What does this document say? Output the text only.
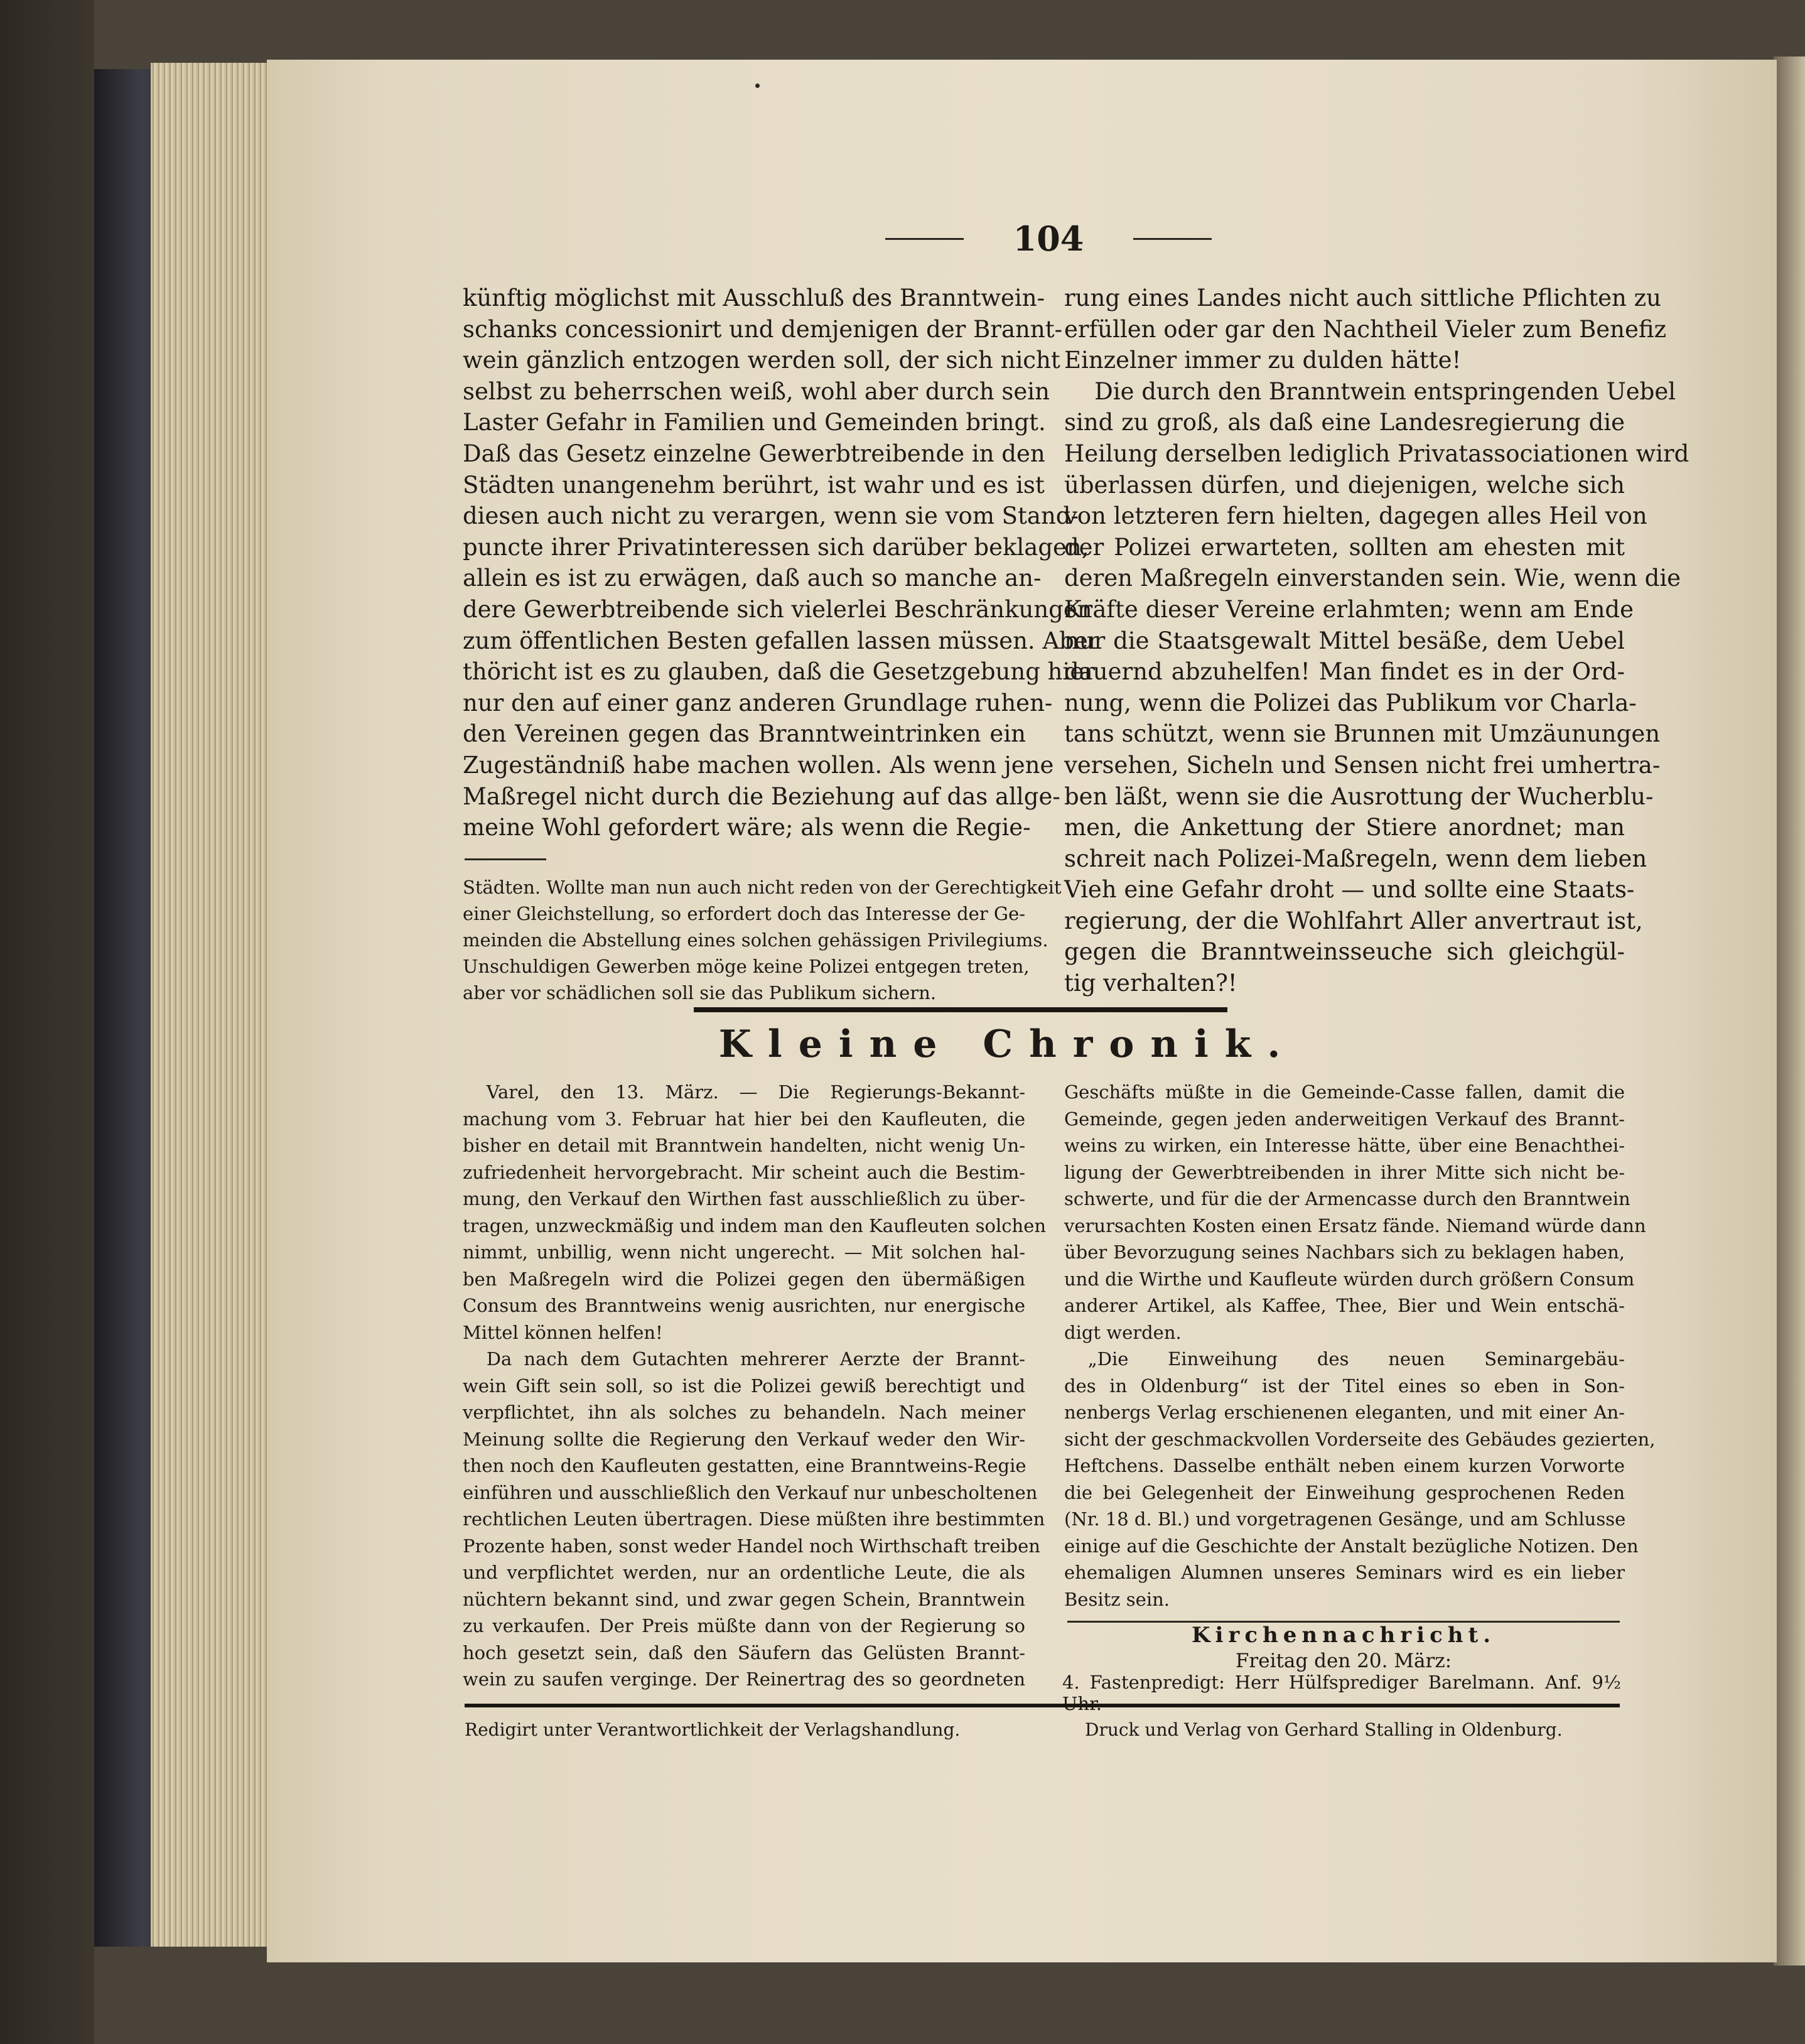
104
künftig möglichst mit Ausschluß des Branntwein-
schanks concessionirt und demjenigen der Brannt-
wein gänzlich entzogen werden soll, der sich nicht
selbst zu beherrschen weiß, wohl aber durch sein
Laster Gefahr in Familien und Gemeinden bringt.
Daß das Gesetz einzelne Gewerbtreibende in den
Städten unangenehm berührt, ist wahr und es ist
diesen auch nicht zu verargen, wenn sie vom Stand-
puncte ihrer Privatinteressen sich darüber beklagen,
allein es ist zu erwägen, daß auch so manche an-
dere Gewerbtreibende sich vielerlei Beschränkungen
zum öffentlichen Besten gefallen lassen müssen. Aber
thöricht ist es zu glauben, daß die Gesetzgebung hier
nur den auf einer ganz anderen Grundlage ruhen-
den Vereinen gegen das Branntweintrinken ein
Zugeständniß habe machen wollen. Als wenn jene
Maßregel nicht durch die Beziehung auf das allge-
meine Wohl gefordert wäre; als wenn die Regie-
rung eines Landes nicht auch sittliche Pflichten zu
erfüllen oder gar den Nachtheil Vieler zum Benefiz
Einzelner immer zu dulden hätte!
Die durch den Branntwein entspringenden Uebel
sind zu groß, als daß eine Landesregierung die
Heilung derselben lediglich Privatassociationen wird
überlassen dürfen, und diejenigen, welche sich
von letzteren fern hielten, dagegen alles Heil von
der Polizei erwarteten, sollten am ehesten mit
deren Maßregeln einverstanden sein. Wie, wenn die
Kräfte dieser Vereine erlahmten; wenn am Ende
nur die Staatsgewalt Mittel besäße, dem Uebel
dauernd abzuhelfen! Man findet es in der Ord-
nung, wenn die Polizei das Publikum vor Charla-
tans schützt, wenn sie Brunnen mit Umzäunungen
versehen, Sicheln und Sensen nicht frei umhertra-
ben läßt, wenn sie die Ausrottung der Wucherblu-
men, die Ankettung der Stiere anordnet; man
schreit nach Polizei-Maßregeln, wenn dem lieben
Vieh eine Gefahr droht — und sollte eine Staats-
regierung, der die Wohlfahrt Aller anvertraut ist,
gegen die Branntweinsseuche sich gleichgül-
tig verhalten?!
Städten. Wollte man nun auch nicht reden von der Gerechtigkeit
einer Gleichstellung, so erfordert doch das Interesse der Ge-
meinden die Abstellung eines solchen gehässigen Privilegiums.
Unschuldigen Gewerben möge keine Polizei entgegen treten,
aber vor schädlichen soll sie das Publikum sichern.
Kleine Chronik.
Varel, den 13. März. — Die Regierungs-Bekannt-
machung vom 3. Februar hat hier bei den Kaufleuten, die
bisher en detail mit Branntwein handelten, nicht wenig Un-
zufriedenheit hervorgebracht. Mir scheint auch die Bestim-
mung, den Verkauf den Wirthen fast ausschließlich zu über-
tragen, unzweckmäßig und indem man den Kaufleuten solchen
nimmt, unbillig, wenn nicht ungerecht. — Mit solchen hal-
ben Maßregeln wird die Polizei gegen den übermäßigen
Consum des Branntweins wenig ausrichten, nur energische
Mittel können helfen!
Da nach dem Gutachten mehrerer Aerzte der Brannt-
wein Gift sein soll, so ist die Polizei gewiß berechtigt und
verpflichtet, ihn als solches zu behandeln. Nach meiner
Meinung sollte die Regierung den Verkauf weder den Wir-
then noch den Kaufleuten gestatten, eine Branntweins-Regie
einführen und ausschließlich den Verkauf nur unbescholtenen
rechtlichen Leuten übertragen. Diese müßten ihre bestimmten
Prozente haben, sonst weder Handel noch Wirthschaft treiben
und verpflichtet werden, nur an ordentliche Leute, die als
nüchtern bekannt sind, und zwar gegen Schein, Branntwein
zu verkaufen. Der Preis müßte dann von der Regierung so
hoch gesetzt sein, daß den Säufern das Gelüsten Brannt-
wein zu saufen verginge. Der Reinertrag des so geordneten
Geschäfts müßte in die Gemeinde-Casse fallen, damit die
Gemeinde, gegen jeden anderweitigen Verkauf des Brannt-
weins zu wirken, ein Interesse hätte, über eine Benachthei-
ligung der Gewerbtreibenden in ihrer Mitte sich nicht be-
schwerte, und für die der Armencasse durch den Branntwein
verursachten Kosten einen Ersatz fände. Niemand würde dann
über Bevorzugung seines Nachbars sich zu beklagen haben,
und die Wirthe und Kaufleute würden durch größern Consum
anderer Artikel, als Kaffee, Thee, Bier und Wein entschä-
digt werden.
„Die Einweihung des neuen Seminargebäu-
des in Oldenburg“ ist der Titel eines so eben in Son-
nenbergs Verlag erschienenen eleganten, und mit einer An-
sicht der geschmackvollen Vorderseite des Gebäudes gezierten,
Heftchens. Dasselbe enthält neben einem kurzen Vorworte
die bei Gelegenheit der Einweihung gesprochenen Reden
(Nr. 18 d. Bl.) und vorgetragenen Gesänge, und am Schlusse
einige auf die Geschichte der Anstalt bezügliche Notizen. Den
ehemaligen Alumnen unseres Seminars wird es ein lieber
Besitz sein.
Kirchennachricht.
Freitag den 20. März:
4. Fastenpredigt: Herr Hülfsprediger Barelmann. Anf. 9½
Redigirt unter Verantwortlichkeit der Verlagshandlung.	Druck und Verlag von Gerhard Stalling in Oldenburg.
